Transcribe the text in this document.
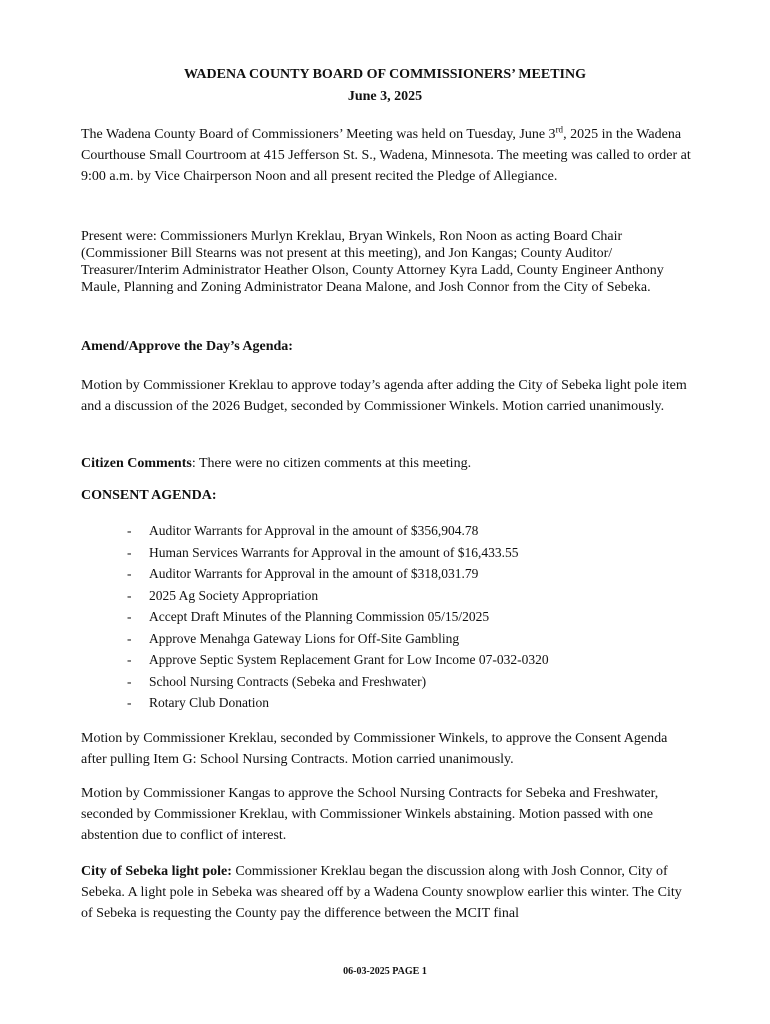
WADENA COUNTY BOARD OF COMMISSIONERS’ MEETING
June 3, 2025

The Wadena County Board of Commissioners’ Meeting was held on Tuesday, June 3rd, 2025 in the Wadena Courthouse Small Courtroom at 415 Jefferson St. S., Wadena, Minnesota. The meeting was called to order at 9:00 a.m. by Vice Chairperson Noon and all present recited the Pledge of Allegiance.

Present were: Commissioners Murlyn Kreklau, Bryan Winkels, Ron Noon as acting Board Chair (Commissioner Bill Stearns was not present at this meeting), and Jon Kangas; County Auditor/ Treasurer/Interim Administrator Heather Olson, County Attorney Kyra Ladd, County Engineer Anthony Maule, Planning and Zoning Administrator Deana Malone, and Josh Connor from the City of Sebeka.

Amend/Approve the Day’s Agenda:

Motion by Commissioner Kreklau to approve today’s agenda after adding the City of Sebeka light pole item and a discussion of the 2026 Budget, seconded by Commissioner Winkels. Motion carried unanimously.

Citizen Comments: There were no citizen comments at this meeting.

CONSENT AGENDA:

- Auditor Warrants for Approval in the amount of $356,904.78
- Human Services Warrants for Approval in the amount of $16,433.55
- Auditor Warrants for Approval in the amount of $318,031.79
- 2025 Ag Society Appropriation
- Accept Draft Minutes of the Planning Commission 05/15/2025
- Approve Menahga Gateway Lions for Off-Site Gambling
- Approve Septic System Replacement Grant for Low Income 07-032-0320
- School Nursing Contracts (Sebeka and Freshwater)
- Rotary Club Donation

Motion by Commissioner Kreklau, seconded by Commissioner Winkels, to approve the Consent Agenda after pulling Item G: School Nursing Contracts. Motion carried unanimously.

Motion by Commissioner Kangas to approve the School Nursing Contracts for Sebeka and Freshwater, seconded by Commissioner Kreklau, with Commissioner Winkels abstaining. Motion passed with one abstention due to conflict of interest.

City of Sebeka light pole: Commissioner Kreklau began the discussion along with Josh Connor, City of Sebeka. A light pole in Sebeka was sheared off by a Wadena County snowplow earlier this winter. The City of Sebeka is requesting the County pay the difference between the MCIT final

06-03-2025 PAGE 1
